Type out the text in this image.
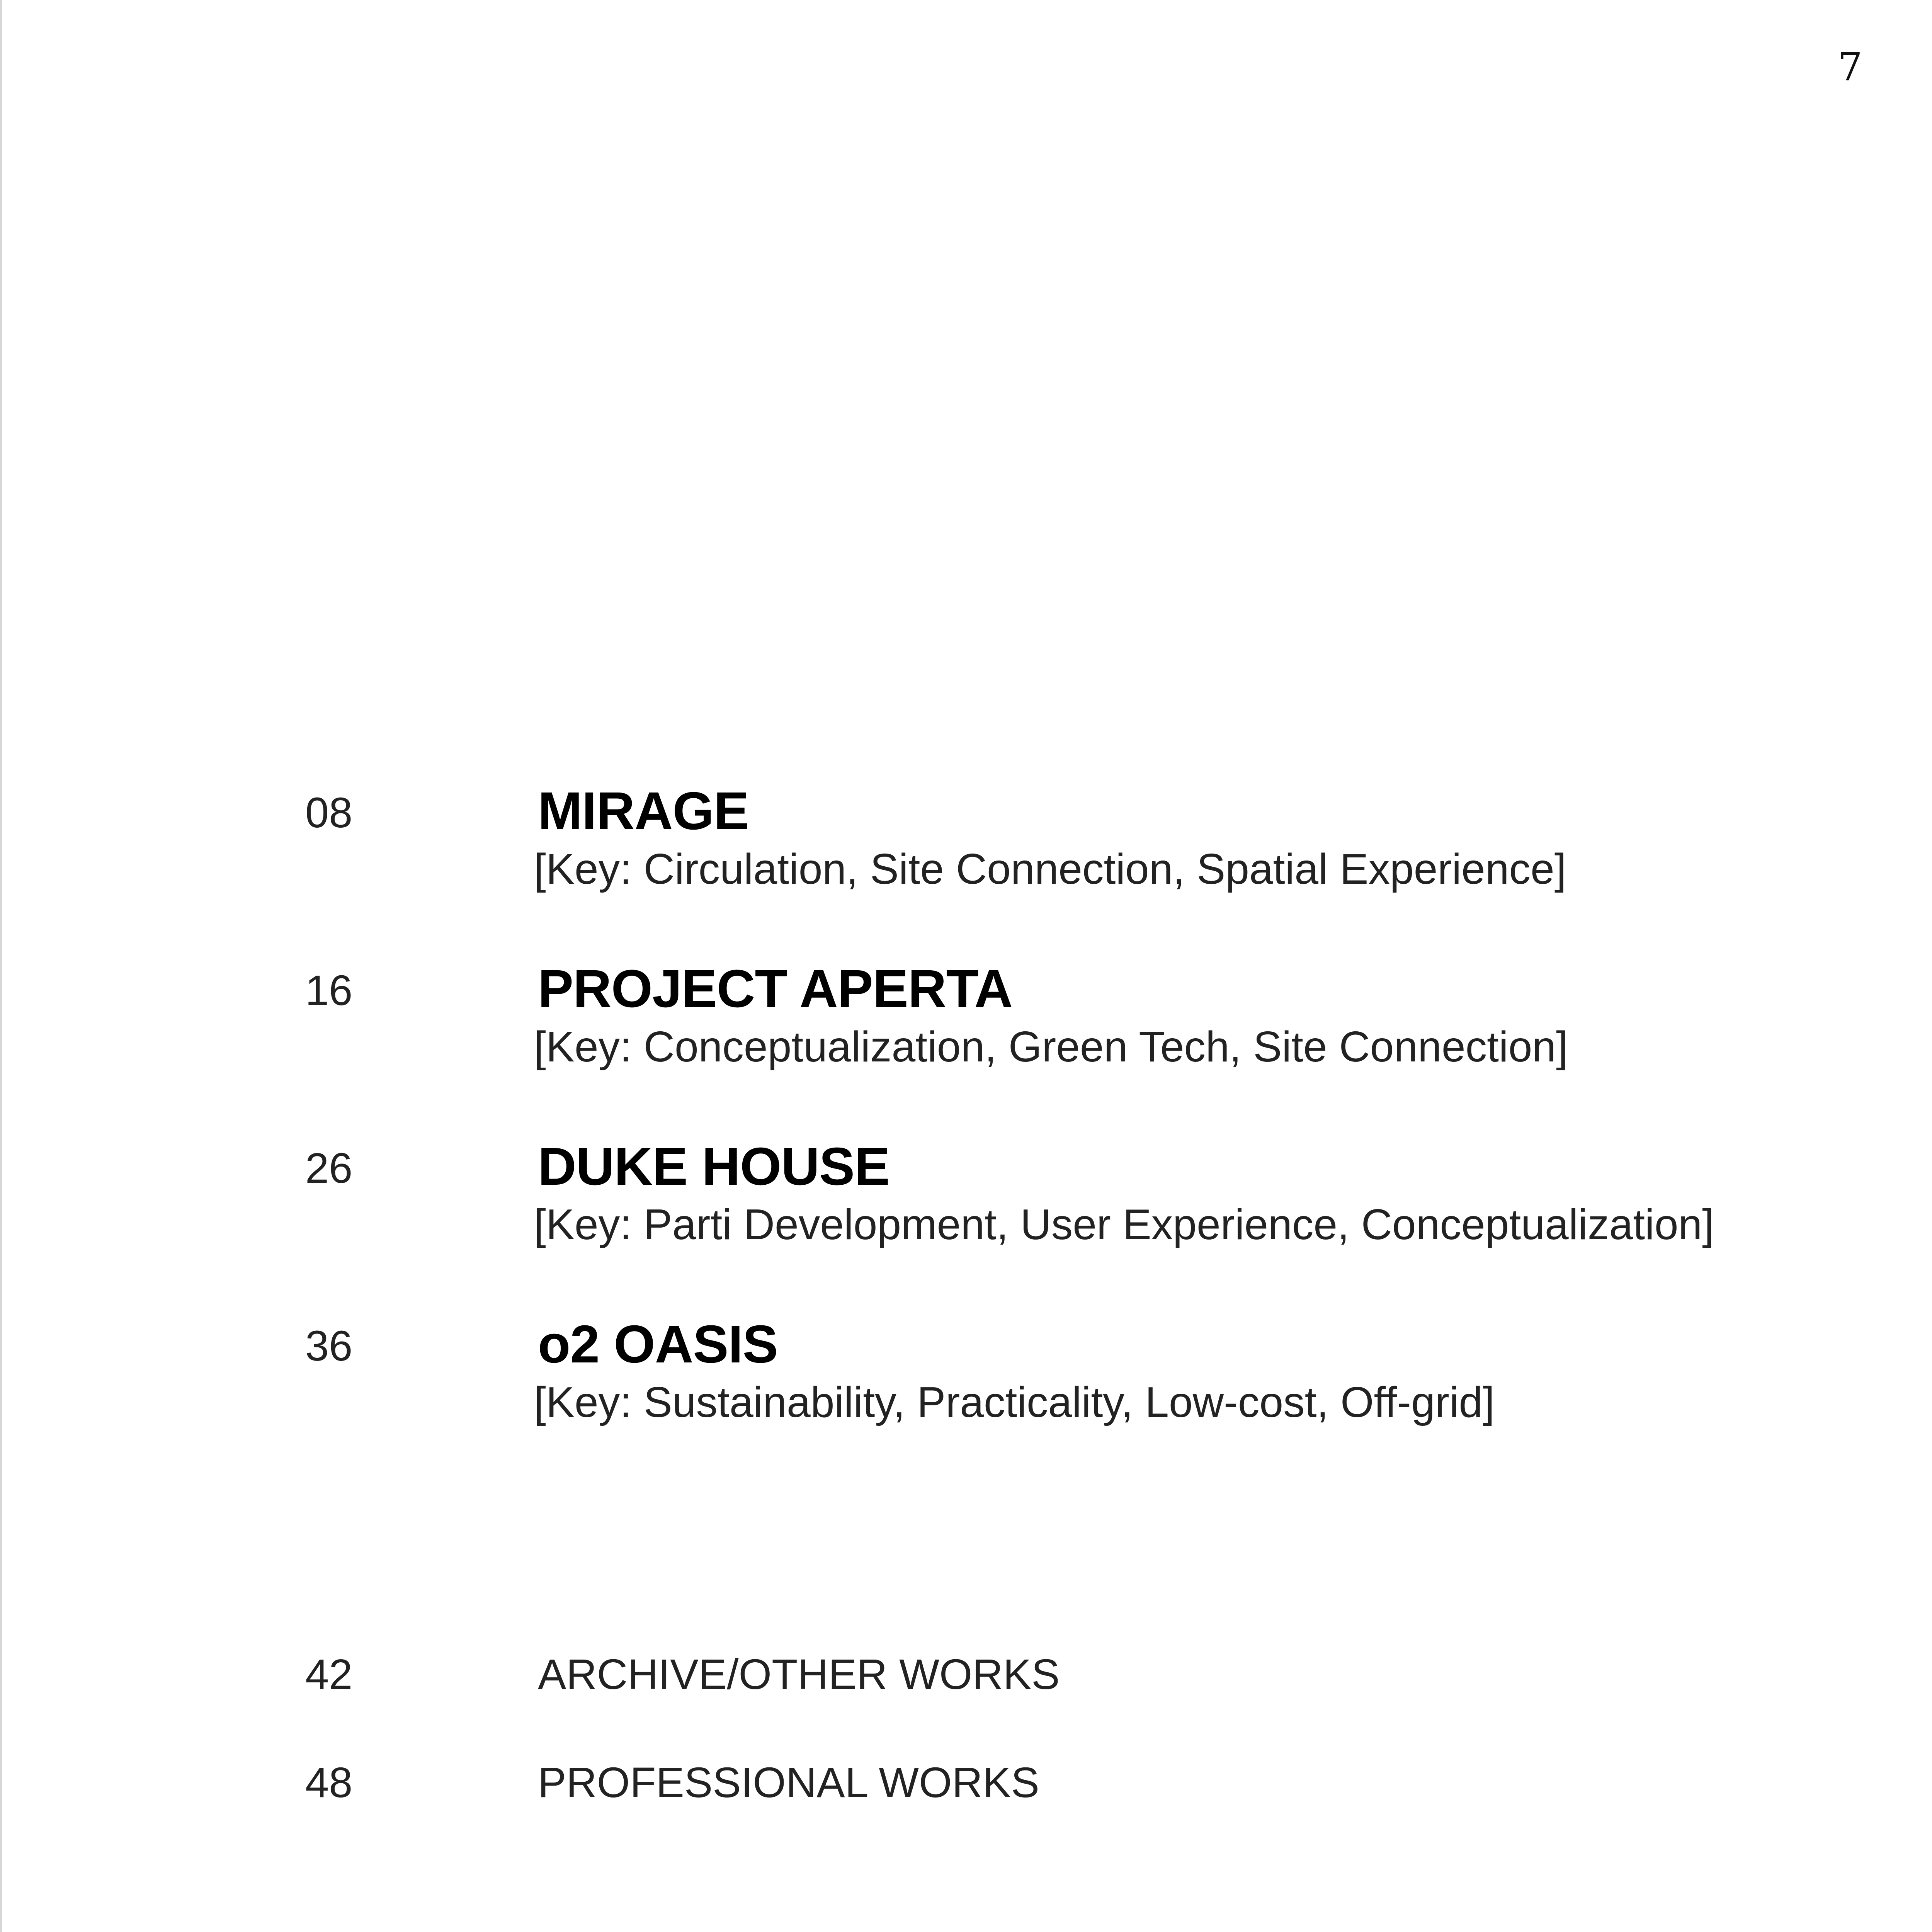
7
08	MIRAGE
[Key: Circulation, Site Connection, Spatial Experience]
16	PROJECT APERTA
[Key: Conceptualization, Green Tech, Site Connection]
26	DUKE HOUSE
[Key: Parti Development, User Experience, Conceptualization]
36	o2 OASIS
[Key: Sustainability, Practicality, Low-cost, Off-grid]
42	ARCHIVE/OTHER WORKS
48	PROFESSIONAL WORKS
